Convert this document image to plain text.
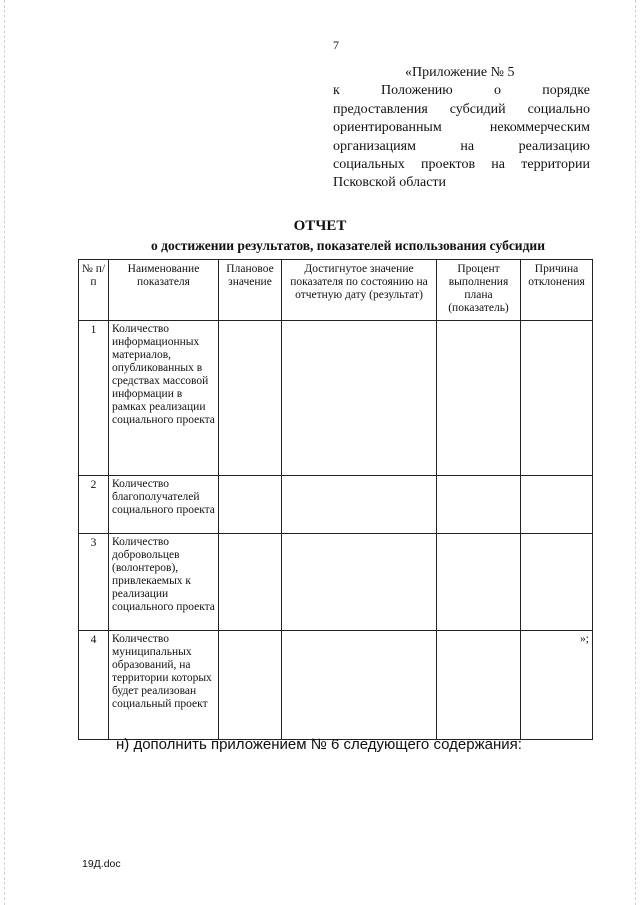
7
«Приложение № 5
к	Положению	о	порядке
предоставления субсидий социально
ориентированным	некоммерческим
организациям	на	реализацию
социальных проектов на территории
Псковской области
ОТЧЕТ
о достижении результатов, показателей использования субсидии
№ п/п	Наименование показателя	Плановое значение	Достигнутое значение показателя по состоянию на отчетную дату (результат)	Процент выполнения плана (показатель)	Причина отклонения
1	Количество информационных материалов, опубликованных в средствах массовой информации в рамках реализации социального проекта				
2	Количество благополучателей социального проекта				
3	Количество добровольцев (волонтеров), привлекаемых к реализации социального проекта				
4	Количество муниципальных образований, на территории которых будет реализован социальный проект				»;
н) дополнить приложением № 6 следующего содержания:
19Д.doc
